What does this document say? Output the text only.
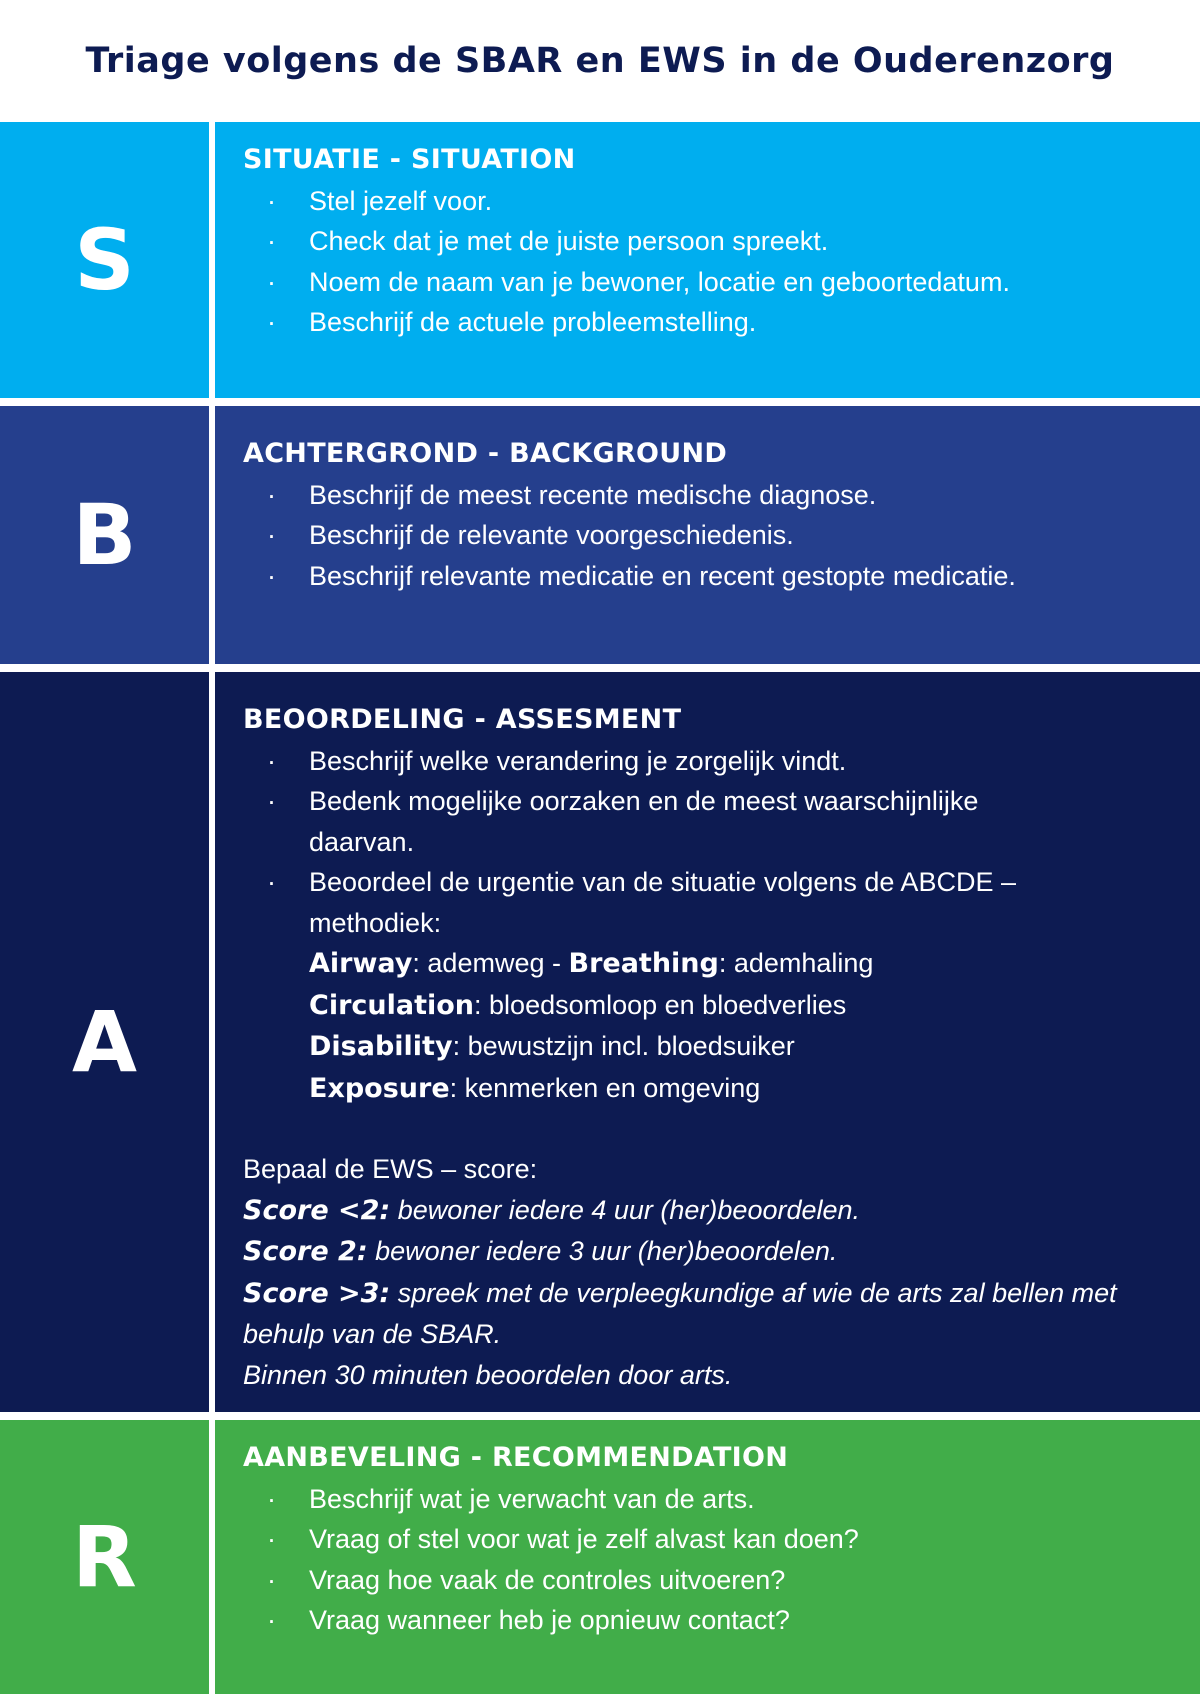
Triage volgens de SBAR en EWS in de Ouderenzorg
S
SITUATIE - SITUATION
· Stel jezelf voor.
· Check dat je met de juiste persoon spreekt.
· Noem de naam van je bewoner, locatie en geboortedatum.
· Beschrijf de actuele probleemstelling.
B
ACHTERGROND - BACKGROUND
· Beschrijf de meest recente medische diagnose.
· Beschrijf de relevante voorgeschiedenis.
· Beschrijf relevante medicatie en recent gestopte medicatie.
A
BEOORDELING - ASSESMENT
· Beschrijf welke verandering je zorgelijk vindt.
· Bedenk mogelijke oorzaken en de meest waarschijnlijke daarvan.
· Beoordeel de urgentie van de situatie volgens de ABCDE – methodiek:
Airway: ademweg - Breathing: ademhaling
Circulation: bloedsomloop en bloedverlies
Disability: bewustzijn incl. bloedsuiker
Exposure: kenmerken en omgeving
Bepaal de EWS – score:
Score <2: bewoner iedere 4 uur (her)beoordelen.
Score 2: bewoner iedere 3 uur (her)beoordelen.
Score >3: spreek met de verpleegkundige af wie de arts zal bellen met behulp van de SBAR.
Binnen 30 minuten beoordelen door arts.
R
AANBEVELING - RECOMMENDATION
· Beschrijf wat je verwacht van de arts.
· Vraag of stel voor wat je zelf alvast kan doen?
· Vraag hoe vaak de controles uitvoeren?
· Vraag wanneer heb je opnieuw contact?
